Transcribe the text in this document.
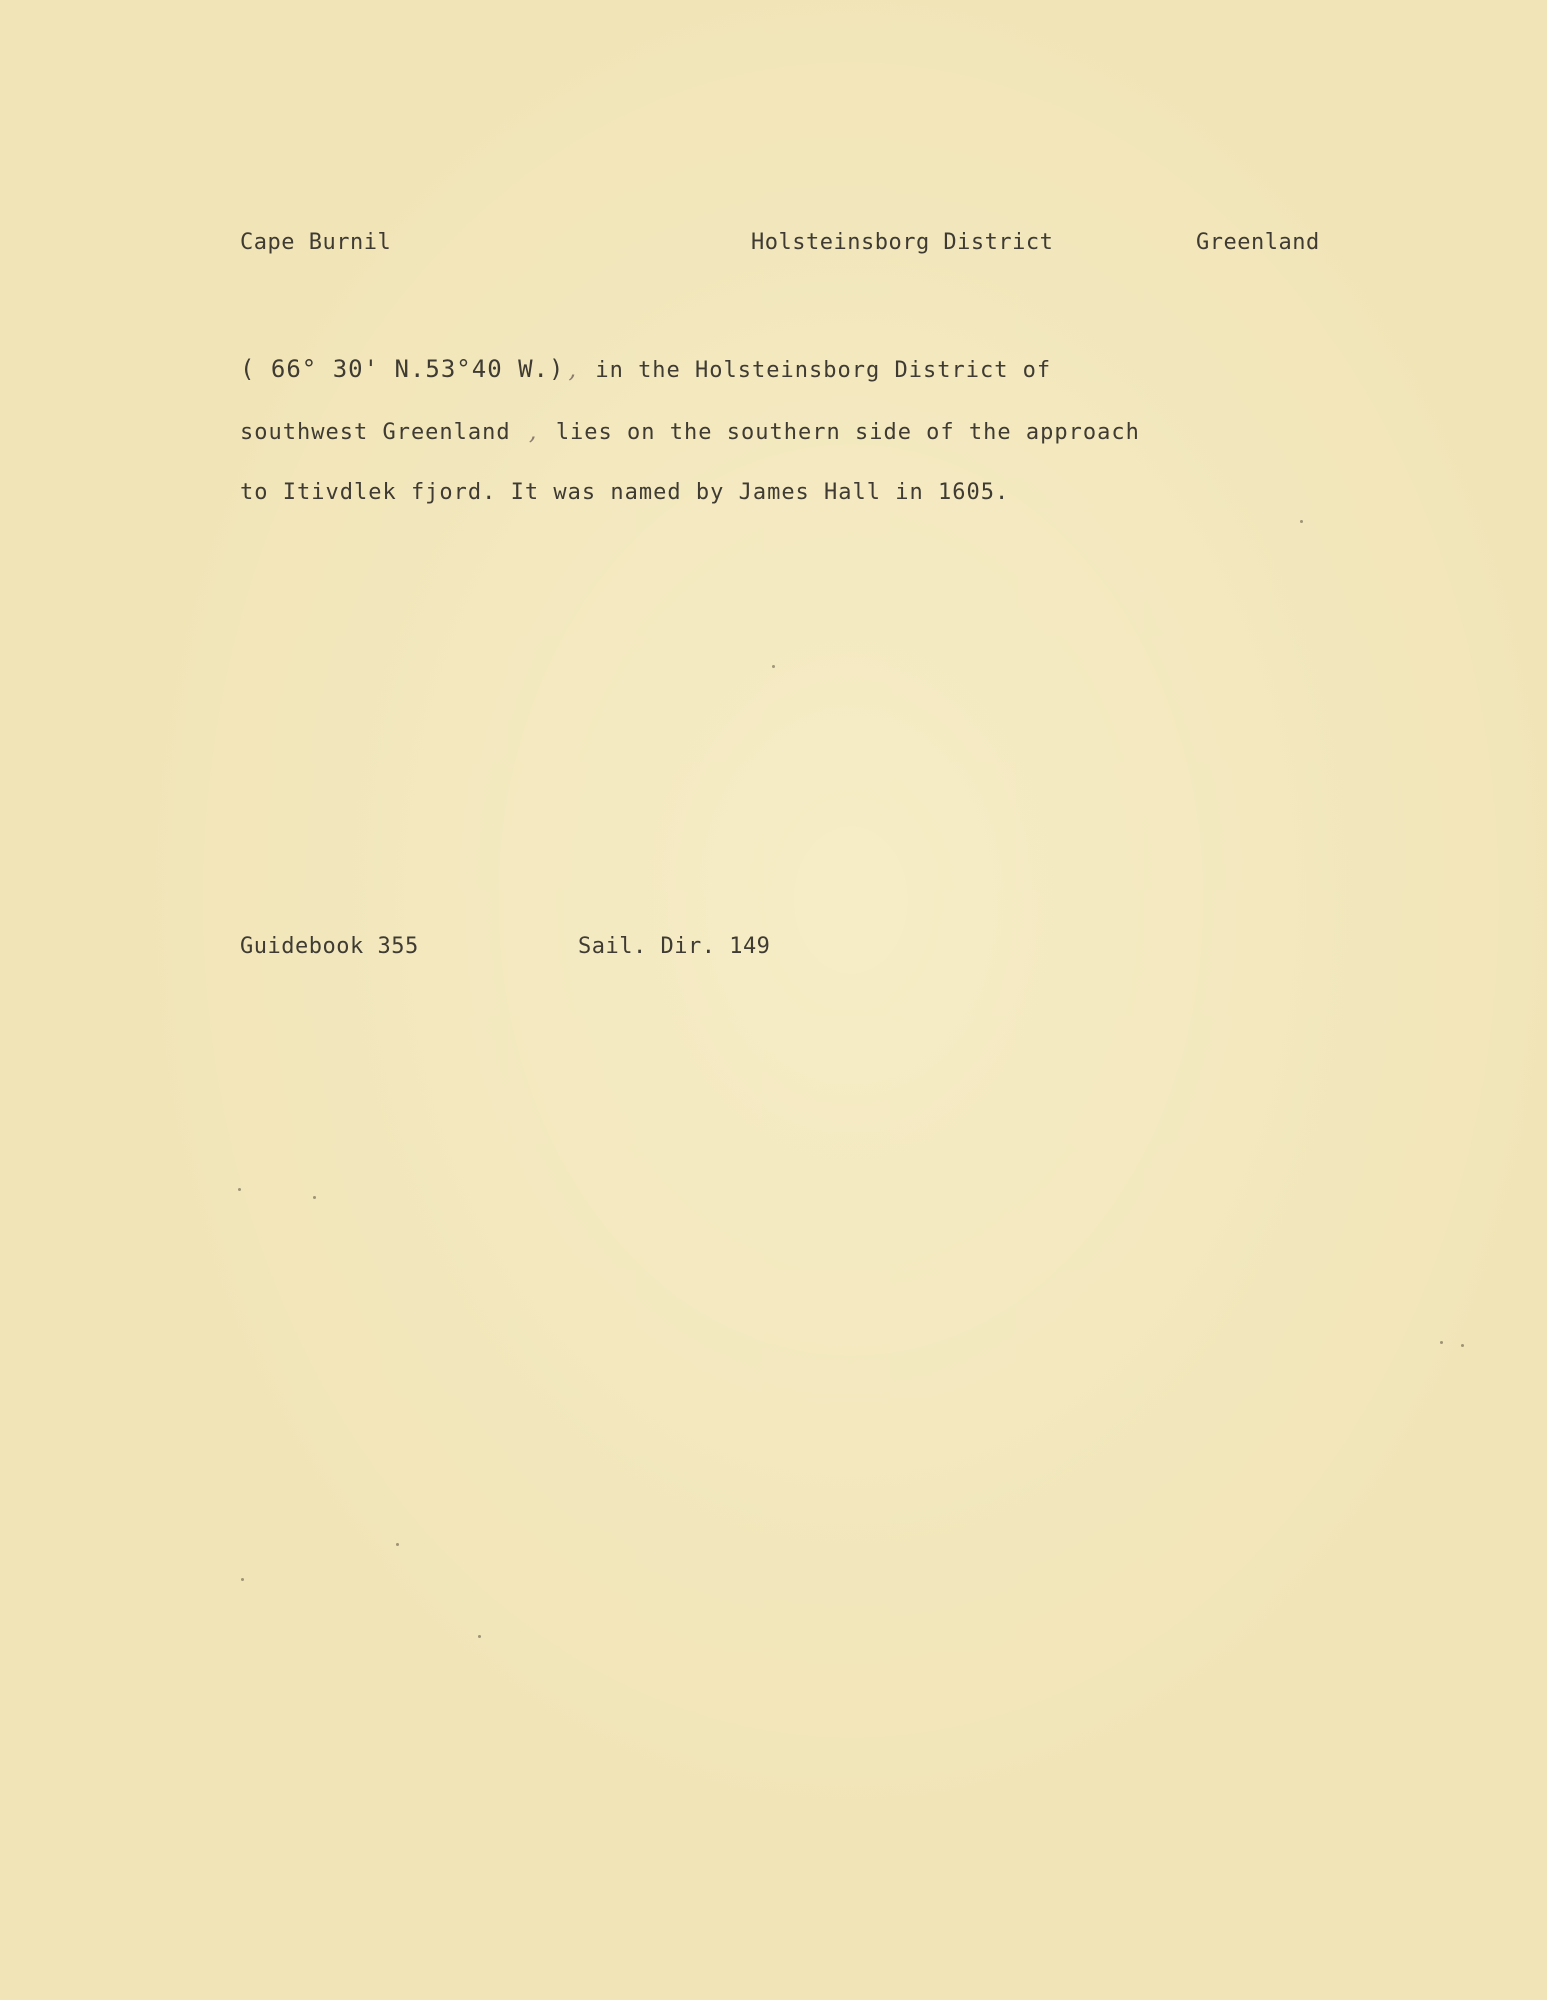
Cape Burnil	Holsteinsborg District	Greenland
( 66° 30' N.53°40 W.) , in the Holsteinsborg District of
southwest Greenland , lies on the southern side of the approach
to Itivdlek fjord. It was named by James Hall in 1605.
Guidebook 355	Sail. Dir. 149
